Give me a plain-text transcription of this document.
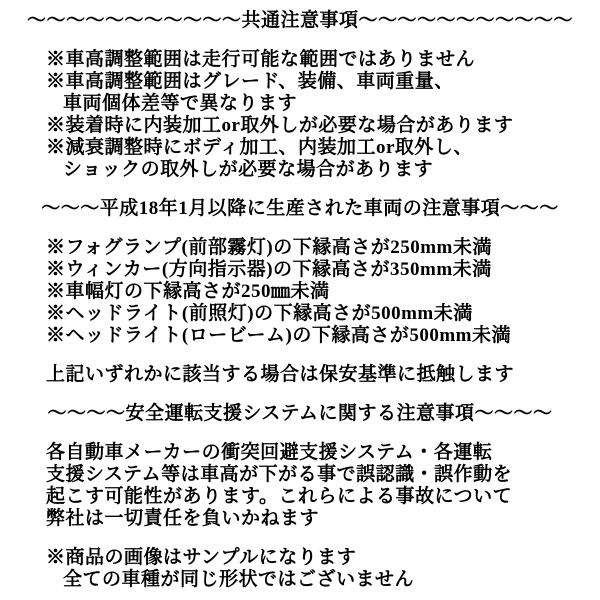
～～～～～～～～～～～共通注意事項～～～～～～～～～～～
※車高調整範囲は走行可能な範囲ではありません
※車高調整範囲はグレード、装備、車両重量、
車両個体差等で異なります
※装着時に内装加工or取外しが必要な場合があります
※減衰調整時にボディ加工、内装加工or取外し、
ショックの取外しが必要な場合があります
～～～平成18年1月以降に生産された車両の注意事項～～～
※フォグランプ(前部霧灯)の下縁高さが250mm未満
※ウィンカー(方向指示器)の下縁高さが350mm未満
※車幅灯の下縁高さが250㎜未満
※ヘッドライト(前照灯)の下縁高さが500mm未満
※ヘッドライト(ロービーム)の下縁高さが500mm未満
上記いずれかに該当する場合は保安基準に抵触します
～～～～安全運転支援システムに関する注意事項～～～～
各自動車メーカーの衝突回避支援システム・各運転
支援システム等は車高が下がる事で誤認識・誤作動を
起こす可能性があります。これらによる事故について
弊社は一切責任を負いかねます
※商品の画像はサンプルになります
全ての車種が同じ形状ではございません
